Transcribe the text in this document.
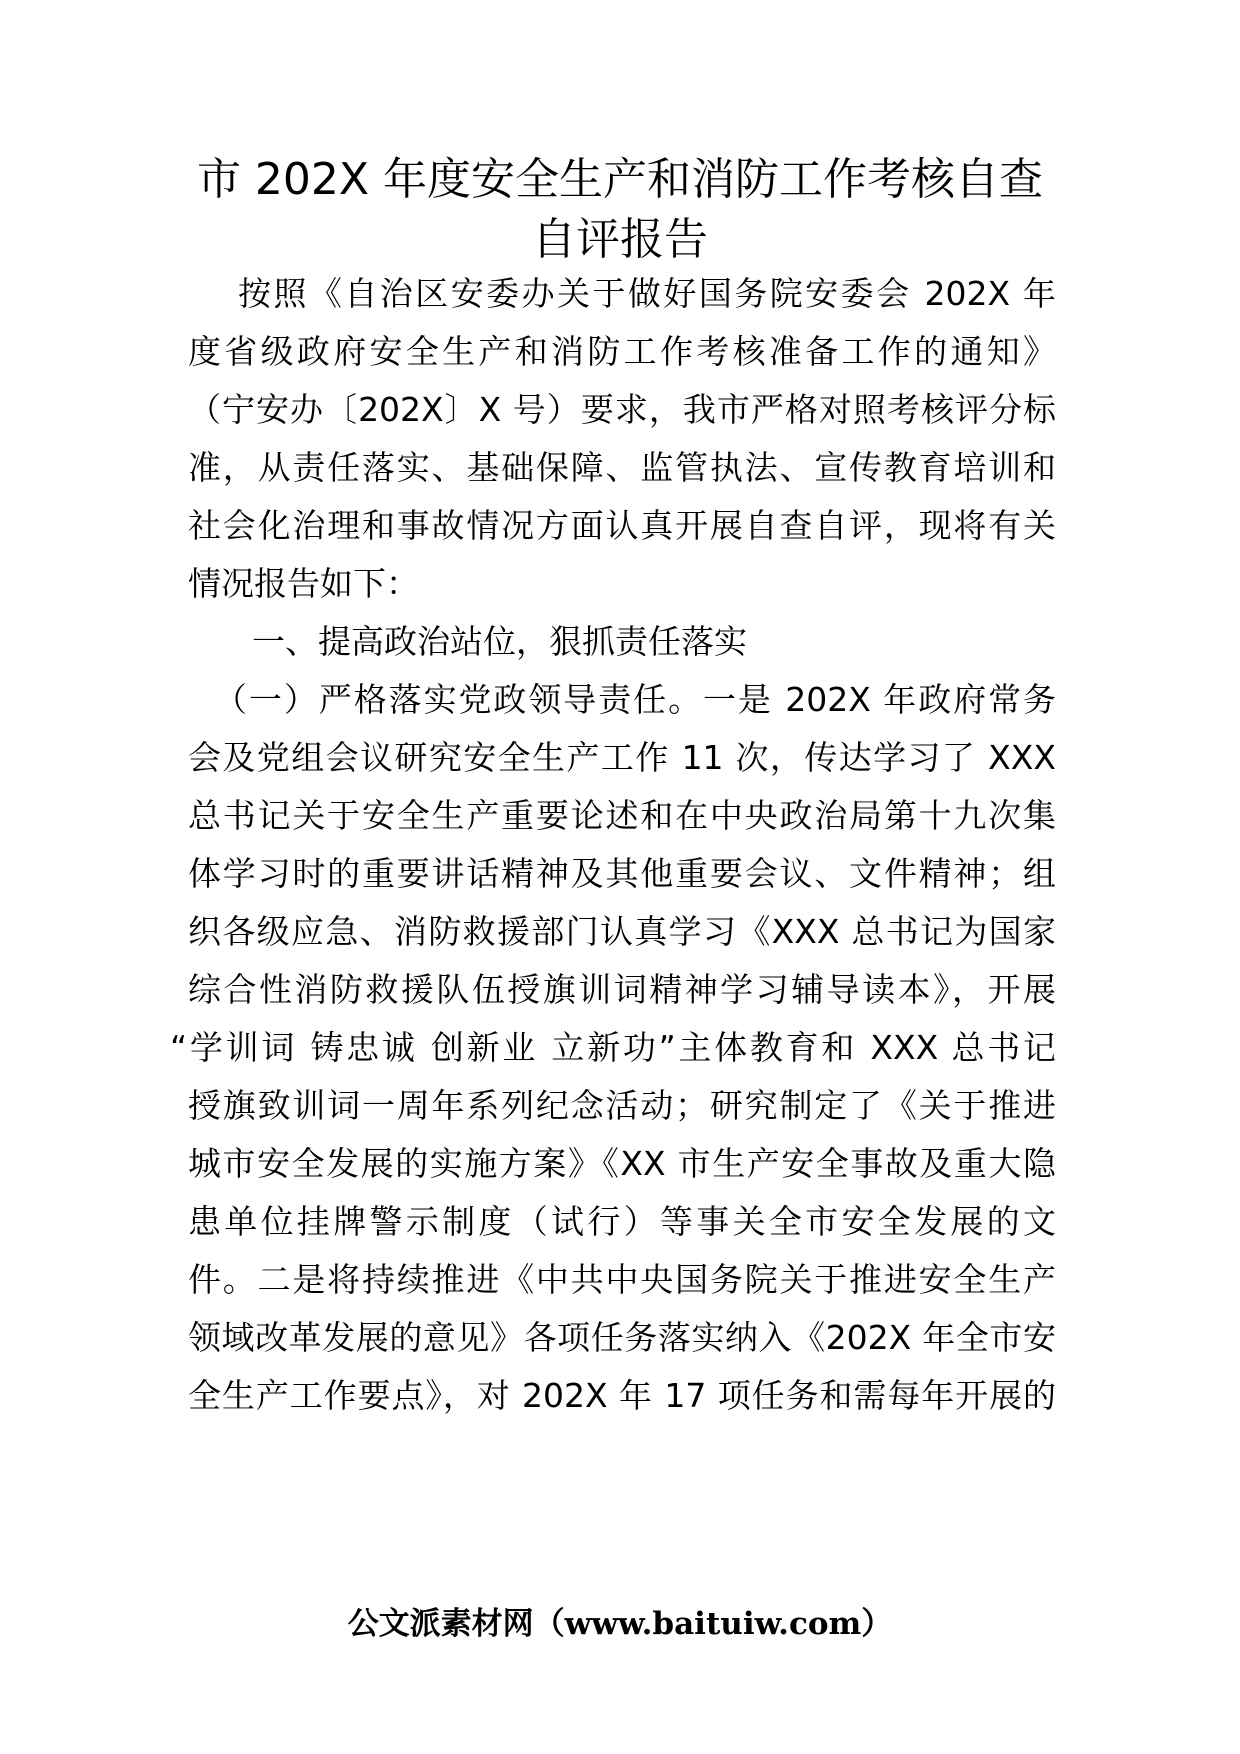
市 202X 年度安全生产和消防工作考核自查
自评报告
按照《自治区安委办关于做好国务院安委会 202X 年
度省级政府安全生产和消防工作考核准备工作的通知》
（宁安办〔202X〕X 号）要求，我市严格对照考核评分标
准，从责任落实、基础保障、监管执法、宣传教育培训和
社会化治理和事故情况方面认真开展自查自评，现将有关
情况报告如下：
一、提高政治站位，狠抓责任落实
（一）严格落实党政领导责任。一是 202X 年政府常务
会及党组会议研究安全生产工作 11 次，传达学习了 XXX
总书记关于安全生产重要论述和在中央政治局第十九次集
体学习时的重要讲话精神及其他重要会议、文件精神；组
织各级应急、消防救援部门认真学习《XXX 总书记为国家
综合性消防救援队伍授旗训词精神学习辅导读本》，开展
“学训词 铸忠诚 创新业 立新功”主体教育和 XXX 总书记
授旗致训词一周年系列纪念活动；研究制定了《关于推进
城市安全发展的实施方案》《XX 市生产安全事故及重大隐
患单位挂牌警示制度（试行）等事关全市安全发展的文
件。二是将持续推进《中共中央国务院关于推进安全生产
领域改革发展的意见》各项任务落实纳入《202X 年全市安
全生产工作要点》，对 202X 年 17 项任务和需每年开展的
公文派素材网（www.baituiw.com）
